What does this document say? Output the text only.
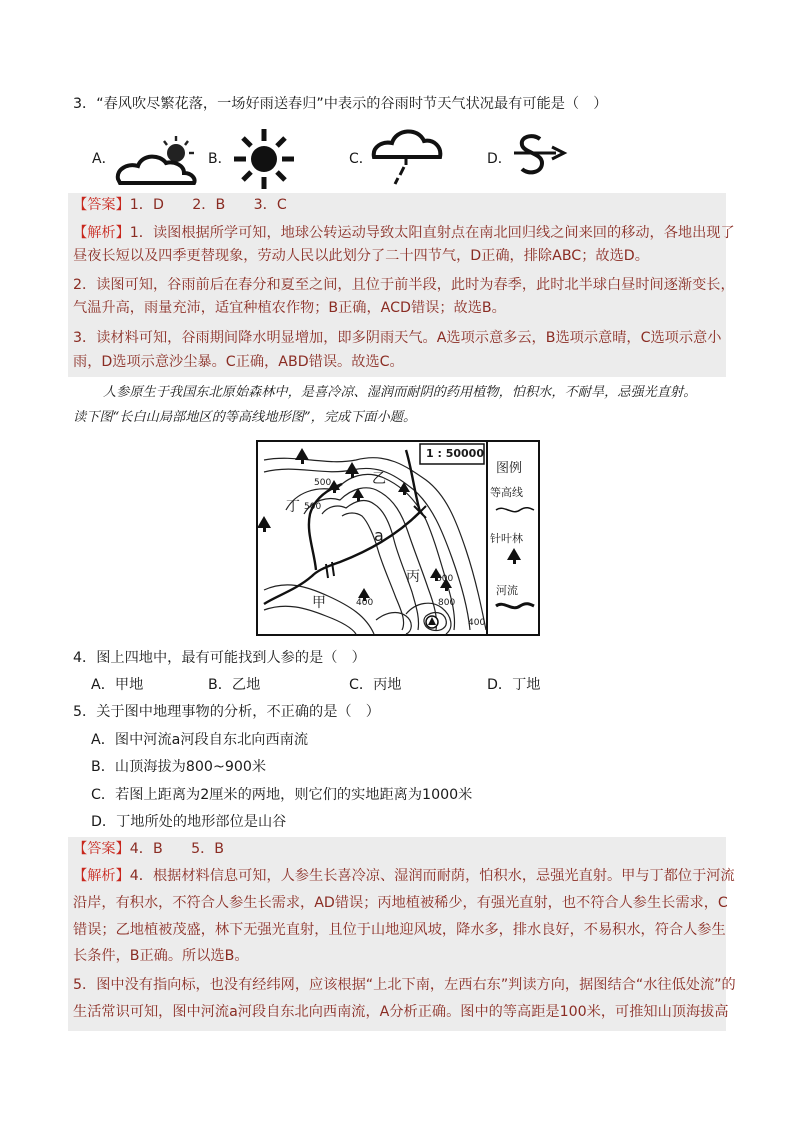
3．“春风吹尽繁花落，一场好雨送春归”中表示的谷雨时节天气状况最有可能是（　）
A．	B．	C．	D．
【答案】1．D　　2．B　　3．C
【解析】1．读图根据所学可知，地球公转运动导致太阳直射点在南北回归线之间来回的移动，各地出现了
昼夜长短以及四季更替现象，劳动人民以此划分了二十四节气，D正确，排除ABC；故选D。
2．读图可知，谷雨前后在春分和夏至之间，且位于前半段，此时为春季，此时北半球白昼时间逐渐变长，
气温升高，雨量充沛，适宜种植农作物；B正确，ACD错误；故选B。
3．读材料可知，谷雨期间降水明显增加，即多阴雨天气。A选项示意多云，B选项示意晴，C选项示意小
雨，D选项示意沙尘暴。C正确，ABD错误。故选C。
人参原生于我国东北原始森林中，是喜冷凉、湿润而耐阴的药用植物，怕积水，不耐旱，忌强光直射。
读下图“长白山局部地区的等高线地形图”，完成下面小题。
1 : 50000
图例
等高线
针叶林
河流
甲
乙
丙
丁
a
500
500
400
600
800
400
4．图上四地中，最有可能找到人参的是（　）
A．甲地	B．乙地	C．丙地	D．丁地
5．关于图中地理事物的分析，不正确的是（　）
A．图中河流a河段自东北向西南流
B．山顶海拔为800~900米
C．若图上距离为2厘米的两地，则它们的实地距离为1000米
D．丁地所处的地形部位是山谷
【答案】4．B　　5．B
【解析】4．根据材料信息可知，人参生长喜冷凉、湿润而耐荫，怕积水，忌强光直射。甲与丁都位于河流
沿岸，有积水，不符合人参生长需求，AD错误；丙地植被稀少，有强光直射，也不符合人参生长需求，C
错误；乙地植被茂盛，林下无强光直射，且位于山地迎风坡，降水多，排水良好，不易积水，符合人参生
长条件，B正确。所以选B。
5．图中没有指向标，也没有经纬网，应该根据“上北下南，左西右东”判读方向，据图结合“水往低处流”的
生活常识可知，图中河流a河段自东北向西南流，A分析正确。图中的等高距是100米，可推知山顶海拔高
